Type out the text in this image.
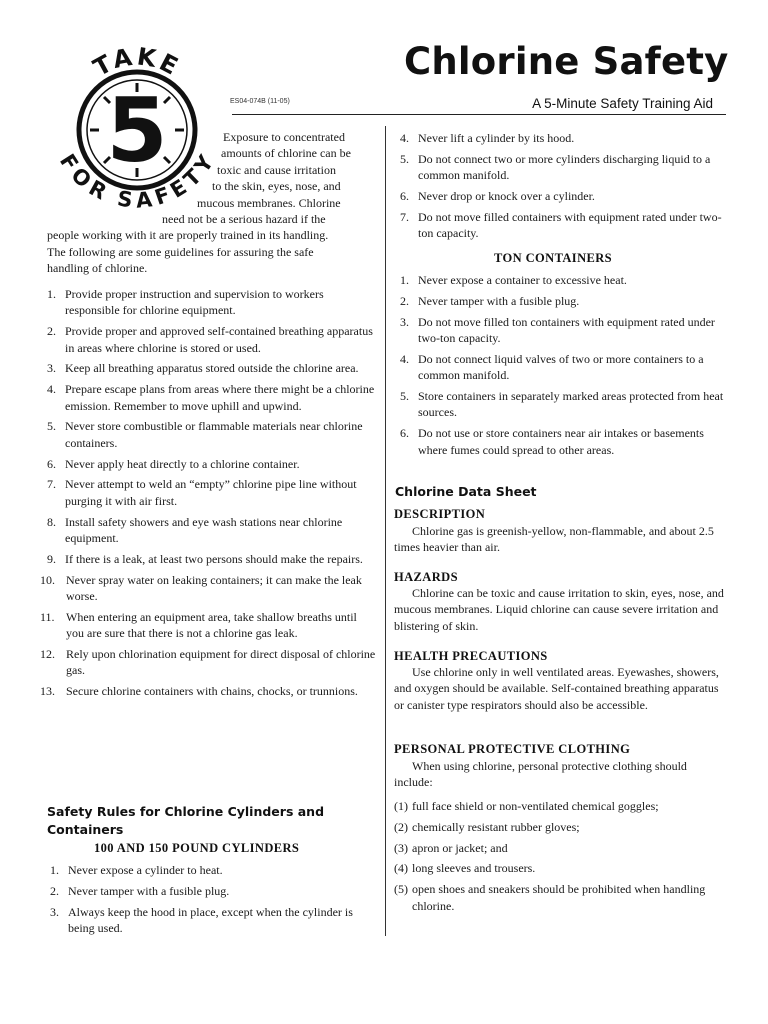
Chlorine Safety
A 5-Minute Safety Training Aid
ES04-074B (11-05)
TAKE
5
FOR SAFETY
Exposure to concentrated
amounts of chlorine can be
toxic and cause irritation
to the skin, eyes, nose, and
mucous membranes. Chlorine
need not be a serious hazard if the
people working with it are properly trained in its handling.
The following are some guidelines for assuring the safe
handling of chlorine.
1. Provide proper instruction and supervision to workers responsible for chlorine equipment.
2. Provide proper and approved self-contained breathing apparatus in areas where chlorine is stored or used.
3. Keep all breathing apparatus stored outside the chlorine area.
4. Prepare escape plans from areas where there might be a chlorine emission. Remember to move uphill and upwind.
5. Never store combustible or flammable materials near chlorine containers.
6. Never apply heat directly to a chlorine container.
7. Never attempt to weld an “empty” chlorine pipe line without purging it with air first.
8. Install safety showers and eye wash stations near chlorine equipment.
9. If there is a leak, at least two persons should make the repairs.
10. Never spray water on leaking containers; it can make the leak worse.
11. When entering an equipment area, take shallow breaths until you are sure that there is not a chlorine gas leak.
12. Rely upon chlorination equipment for direct disposal of chlorine gas.
13. Secure chlorine containers with chains, chocks, or trunnions.
Safety Rules for Chlorine Cylinders and
Containers
100 AND 150 POUND CYLINDERS
1. Never expose a cylinder to heat.
2. Never tamper with a fusible plug.
3. Always keep the hood in place, except when the cylinder is being used.
4. Never lift a cylinder by its hood.
5. Do not connect two or more cylinders discharging liquid to a common manifold.
6. Never drop or knock over a cylinder.
7. Do not move filled containers with equipment rated under two-ton capacity.
TON CONTAINERS
1. Never expose a container to excessive heat.
2. Never tamper with a fusible plug.
3. Do not move filled ton containers with equipment rated under two-ton capacity.
4. Do not connect liquid valves of two or more containers to a common manifold.
5. Store containers in separately marked areas protected from heat sources.
6. Do not use or store containers near air intakes or basements where fumes could spread to other areas.
Chlorine Data Sheet
DESCRIPTION
Chlorine gas is greenish-yellow, non-flammable, and about 2.5 times heavier than air.
HAZARDS
Chlorine can be toxic and cause irritation to skin, eyes, nose, and mucous membranes. Liquid chlorine can cause severe irritation and blistering of skin.
HEALTH PRECAUTIONS
Use chlorine only in well ventilated areas. Eyewashes, showers, and oxygen should be available. Self-contained breathing apparatus or canister type respirators should also be accessible.
PERSONAL PROTECTIVE CLOTHING
When using chlorine, personal protective clothing should include:
(1) full face shield or non-ventilated chemical goggles;
(2) chemically resistant rubber gloves;
(3) apron or jacket; and
(4) long sleeves and trousers.
(5) open shoes and sneakers should be prohibited when handling chlorine.
